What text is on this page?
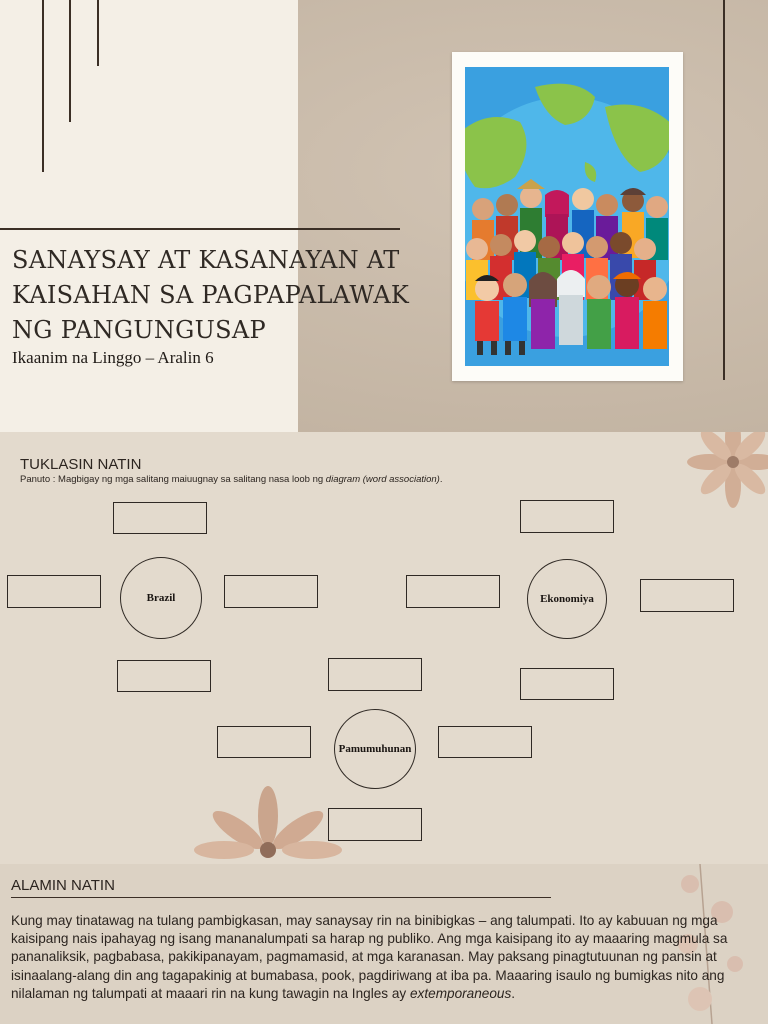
SANAYSAY AT KASANAYAN AT KAISAHAN SA PAGPAPALAWAK NG PANGUNGUSAP
Ikaanim na Linggo – Aralin 6
TUKLASIN NATIN
Panuto : Magbigay ng mga salitang maiuugnay sa salitang nasa loob ng diagram (word association).
Brazil	Ekonomiya
Pamumuhunan
ALAMIN NATIN
Kung may tinatawag na tulang pambigkasan, may sanaysay rin na binibigkas – ang talumpati. Ito ay kabuuan ng mga kaisipang nais ipahayag ng isang mananalumpati sa harap ng publiko. Ang mga kaisipang ito ay maaaring magmula sa pananaliksik, pagbabasa, pakikipanayam, pagmamasid, at mga karanasan. May paksang pinagtutuunan ng pansin at isinaalang-alang din ang tagapakinig at bumabasa, pook, pagdiriwang at iba pa. Maaaring isaulo ng bumigkas nito ang nilalaman ng talumpati at maaari rin na kung tawagin na Ingles ay extemporaneous.
